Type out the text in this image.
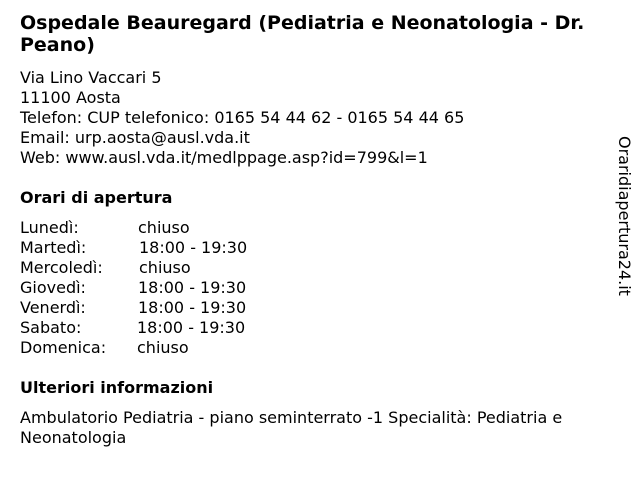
Ospedale Beauregard (Pediatria e Neonatologia - Dr. Peano)
Via Lino Vaccari 5
11100 Aosta
Telefon: CUP telefonico: 0165 54 44 62 - 0165 54 44 65
Email: urp.aosta@ausl.vda.it
Web: www.ausl.vda.it/medlppage.asp?id=799&l=1
Orari di apertura
Lunedì:	chiuso
Martedì:	18:00 - 19:30
Mercoledì:	chiuso
Giovedì:	18:00 - 19:30
Venerdì:	18:00 - 19:30
Sabato:	18:00 - 19:30
Domenica:	chiuso
Ulteriori informazioni
Ambulatorio Pediatria - piano seminterrato -1 Specialità: Pediatria e Neonatologia
Oraridiapertura24.it
